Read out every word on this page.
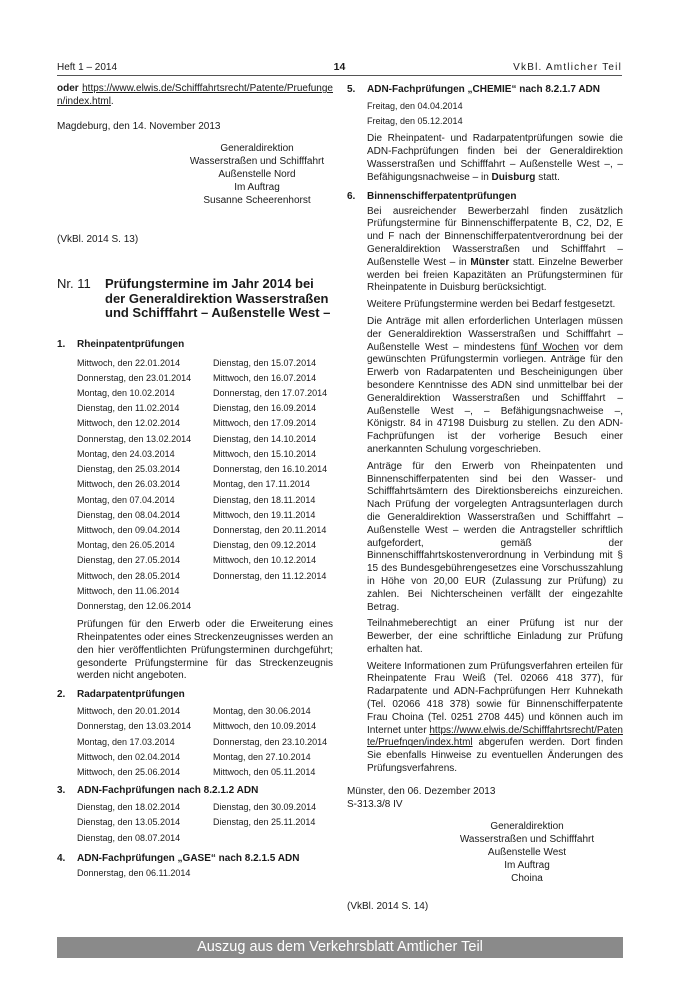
Heft 1 – 2014	14	VkBl. Amtlicher Teil

oder https://www.elwis.de/Schifffahrtsrecht/Patente/Pruefungen/index.html.

Magdeburg, den 14. November 2013

Generaldirektion
Wasserstraßen und Schifffahrt
Außenstelle Nord
Im Auftrag
Susanne Scheerenhorst

(VkBl. 2014 S. 13)

Nr. 11	Prüfungstermine im Jahr 2014 bei der Generaldirektion Wasserstraßen und Schifffahrt – Außenstelle West –
1.	Rheinpatentprüfungen
Mittwoch, den 22.01.2014	Dienstag, den 15.07.2014
Donnerstag, den 23.01.2014	Mittwoch, den 16.07.2014
Montag, den 10.02.2014	Donnerstag, den 17.07.2014
Dienstag, den 11.02.2014	Dienstag, den 16.09.2014
Mittwoch, den 12.02.2014	Mittwoch, den 17.09.2014
Donnerstag, den 13.02.2014	Dienstag, den 14.10.2014
Montag, den 24.03.2014	Mittwoch, den 15.10.2014
Dienstag, den 25.03.2014	Donnerstag, den 16.10.2014
Mittwoch, den 26.03.2014	Montag, den 17.11.2014
Montag, den 07.04.2014	Dienstag, den 18.11.2014
Dienstag, den 08.04.2014	Mittwoch, den 19.11.2014
Mittwoch, den 09.04.2014	Donnerstag, den 20.11.2014
Montag, den 26.05.2014	Dienstag, den 09.12.2014
Dienstag, den 27.05.2014	Mittwoch, den 10.12.2014
Mittwoch, den 28.05.2014	Donnerstag, den 11.12.2014
Mittwoch, den 11.06.2014
Donnerstag, den 12.06.2014

Prüfungen für den Erwerb oder die Erweiterung eines Rheinpatentes oder eines Streckenzeugnisses werden an den hier veröffentlichten Prüfungsterminen durchgeführt; gesonderte Prüfungstermine für das Streckenzeugnis werden nicht angeboten.

2.	Radarpatentprüfungen
Mittwoch, den 20.01.2014	Montag, den 30.06.2014
Donnerstag, den 13.03.2014	Mittwoch, den 10.09.2014
Montag, den 17.03.2014	Donnerstag, den 23.10.2014
Mittwoch, den 02.04.2014	Montag, den 27.10.2014
Mittwoch, den 25.06.2014	Mittwoch, den 05.11.2014
3.	ADN-Fachprüfungen nach 8.2.1.2 ADN
Dienstag, den 18.02.2014	Dienstag, den 30.09.2014
Dienstag, den 13.05.2014	Dienstag, den 25.11.2014
Dienstag, den 08.07.2014
4.	ADN-Fachprüfungen „GASE“ nach 8.2.1.5 ADN
Donnerstag, den 06.11.2014
5.	ADN-Fachprüfungen „CHEMIE“ nach 8.2.1.7 ADN
Freitag, den 04.04.2014
Freitag, den 05.12.2014

Die Rheinpatent- und Radarpatentprüfungen sowie die ADN-Fachprüfungen finden bei der Generaldirektion Wasserstraßen und Schifffahrt – Außenstelle West –, – Befähigungsnachweise – in Duisburg statt.

6.	Binnenschifferpatentprüfungen

Bei ausreichender Bewerberzahl finden zusätzlich Prüfungstermine für Binnenschifferpatente B, C2, D2, E und F nach der Binnenschifferpatentverordnung bei der Generaldirektion Wasserstraßen und Schifffahrt – Außenstelle West – in Münster statt. Einzelne Bewerber werden bei freien Kapazitäten an Prüfungsterminen für Rheinpatente in Duisburg berücksichtigt.

Weitere Prüfungstermine werden bei Bedarf festgesetzt.

Die Anträge mit allen erforderlichen Unterlagen müssen der Generaldirektion Wasserstraßen und Schifffahrt – Außenstelle West – mindestens fünf Wochen vor dem gewünschten Prüfungstermin vorliegen. Anträge für den Erwerb von Radarpatenten und Bescheinigungen über besondere Kenntnisse des ADN sind unmittelbar bei der Generaldirektion Wasserstraßen und Schifffahrt – Außenstelle West –, – Befähigungsnachweise –, Königstr. 84 in 47198 Duisburg zu stellen. Zu den ADN-Fachprüfungen ist der vorherige Besuch einer anerkannten Schulung vorgeschrieben.

Anträge für den Erwerb von Rheinpatenten und Binnenschifferpatenten sind bei den Wasser- und Schifffahrtsämtern des Direktionsbereichs einzureichen. Nach Prüfung der vorgelegten Antragsunterlagen durch die Generaldirektion Wasserstraßen und Schifffahrt – Außenstelle West – werden die Antragsteller schriftlich aufgefordert, gemäß der Binnenschifffahrtskostenverordnung in Verbindung mit § 15 des Bundesgebührengesetzes eine Vorschusszahlung in Höhe von 20,00 EUR (Zulassung zur Prüfung) zu zahlen. Bei Nichterscheinen verfällt der eingezahlte Betrag.

Teilnahmeberechtigt an einer Prüfung ist nur der Bewerber, der eine schriftliche Einladung zur Prüfung erhalten hat.

Weitere Informationen zum Prüfungsverfahren erteilen für Rheinpatente Frau Weiß (Tel. 02066 418 377), für Radarpatente und ADN-Fachprüfungen Herr Kuhnekath (Tel. 02066 418 378) sowie für Binnenschifferpatente Frau Choina (Tel. 0251 2708 445) und können auch im Internet unter https://www.elwis.de/Schifffahrtsrecht/Patente/Pruefngen/index.html abgerufen werden. Dort finden Sie ebenfalls Hinweise zu eventuellen Änderungen des Prüfungsverfahrens.

Münster, den 06. Dezember 2013

S-313.3/8 IV

Generaldirektion
Wasserstraßen und Schifffahrt
Außenstelle West
Im Auftrag
Choina

(VkBl. 2014 S. 14)

Auszug aus dem Verkehrsblatt Amtlicher Teil
